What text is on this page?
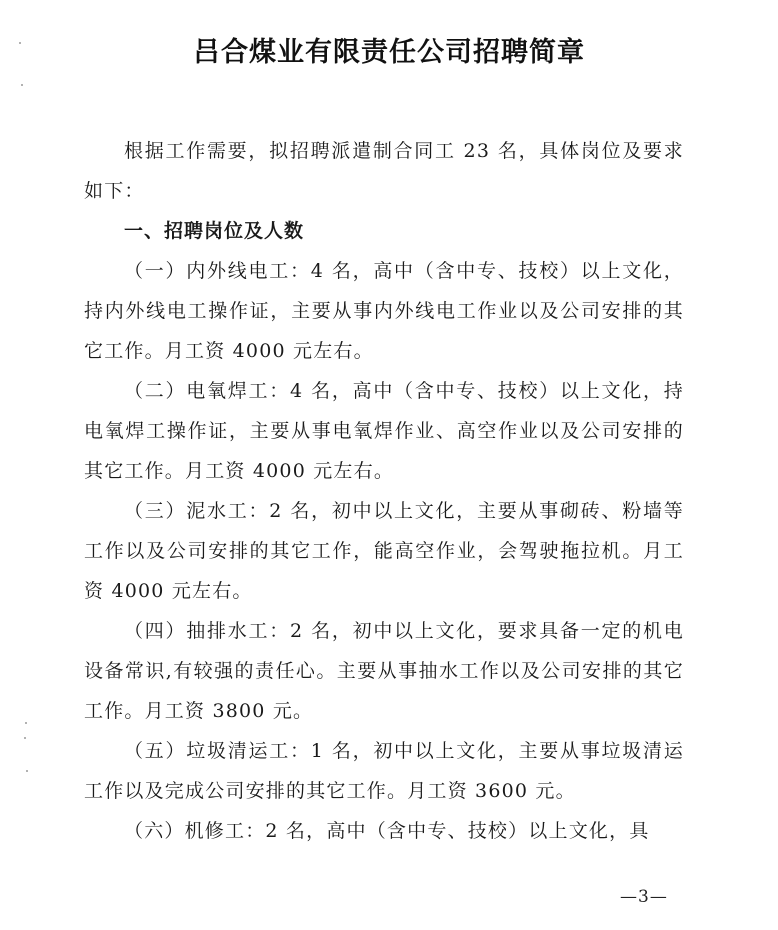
吕合煤业有限责任公司招聘简章

根据工作需要，拟招聘派遣制合同工 23 名，具体岗位及要求如下：

一、招聘岗位及人数

（一）内外线电工：4 名，高中（含中专、技校）以上文化，持内外线电工操作证，主要从事内外线电工作业以及公司安排的其它工作。月工资 4000 元左右。

（二）电氧焊工：4 名，高中（含中专、技校）以上文化，持电氧焊工操作证，主要从事电氧焊作业、高空作业以及公司安排的其它工作。月工资 4000 元左右。

（三）泥水工：2 名，初中以上文化，主要从事砌砖、粉墙等工作以及公司安排的其它工作，能高空作业，会驾驶拖拉机。月工资 4000 元左右。

（四）抽排水工：2 名，初中以上文化，要求具备一定的机电设备常识,有较强的责任心。主要从事抽水工作以及公司安排的其它工作。月工资 3800 元。

（五）垃圾清运工：1 名，初中以上文化，主要从事垃圾清运工作以及完成公司安排的其它工作。月工资 3600 元。

（六）机修工：2 名，高中（含中专、技校）以上文化，具

—3—
